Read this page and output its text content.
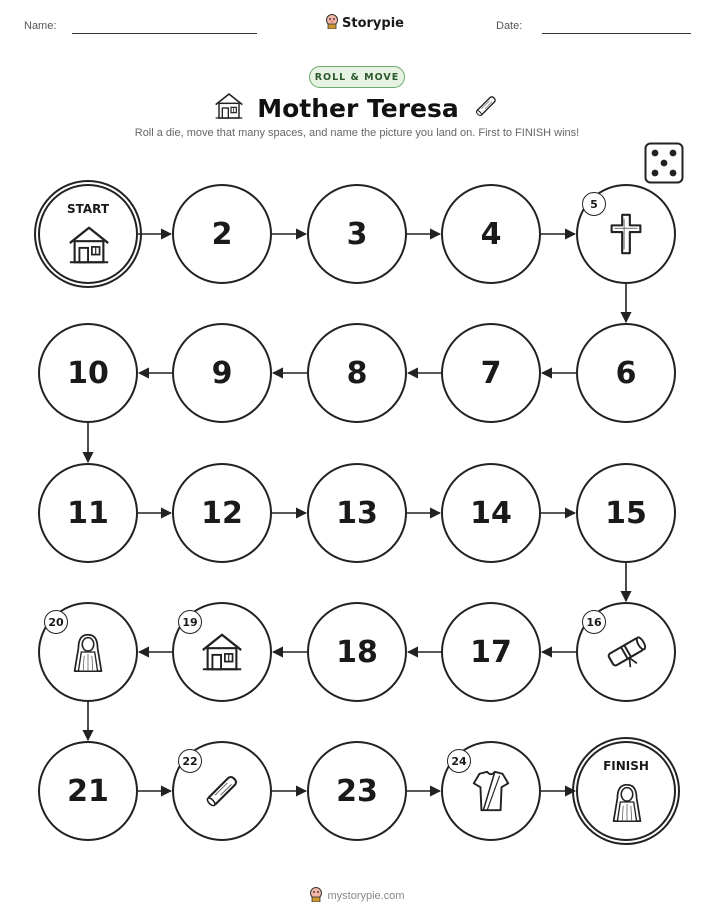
Name:	Storypie	Date:
ROLL & MOVE
Mother Teresa
Roll a die, move that many spaces, and name the picture you land on. First to FINISH wins!
START
2	3	4
5
6
7
8
9
10
11	12	13	14	15
16
17
18
19
20
21
22
23
24	FINISH
mystorypie.com
